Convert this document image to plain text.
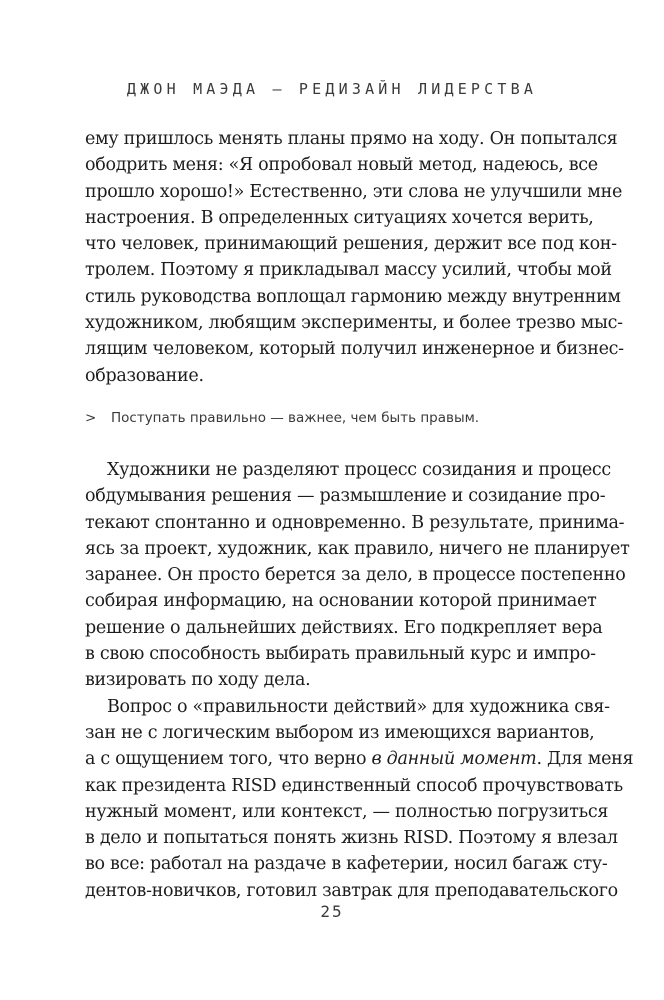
ДЖОН МАЭДА — РЕДИЗАЙН ЛИДЕРСТВА
ему пришлось менять планы прямо на ходу. Он попытался
ободрить меня: «Я опробовал новый метод, надеюсь, все
прошло хорошо!» Естественно, эти слова не улучшили мне
настроения. В определенных ситуациях хочется верить,
что человек, принимающий решения, держит все под кон-
тролем. Поэтому я прикладывал массу усилий, чтобы мой
стиль руководства воплощал гармонию между внутренним
художником, любящим эксперименты, и более трезво мыс-
лящим человеком, который получил инженерное и бизнес-
образование.
> Поступать правильно — важнее, чем быть правым.
Художники не разделяют процесс созидания и процесс
обдумывания решения — размышление и созидание про-
текают спонтанно и одновременно. В результате, принима-
ясь за проект, художник, как правило, ничего не планирует
заранее. Он просто берется за дело, в процессе постепенно
собирая информацию, на основании которой принимает
решение о дальнейших действиях. Его подкрепляет вера
в свою способность выбирать правильный курс и импро-
визировать по ходу дела.
Вопрос о «правильности действий» для художника свя-
зан не с логическим выбором из имеющихся вариантов,
а с ощущением того, что верно в данный момент. Для меня
как президента RISD единственный способ прочувствовать
нужный момент, или контекст, — полностью погрузиться
в дело и попытаться понять жизнь RISD. Поэтому я влезал
во все: работал на раздаче в кафетерии, носил багаж сту-
дентов-новичков, готовил завтрак для преподавательского
25
